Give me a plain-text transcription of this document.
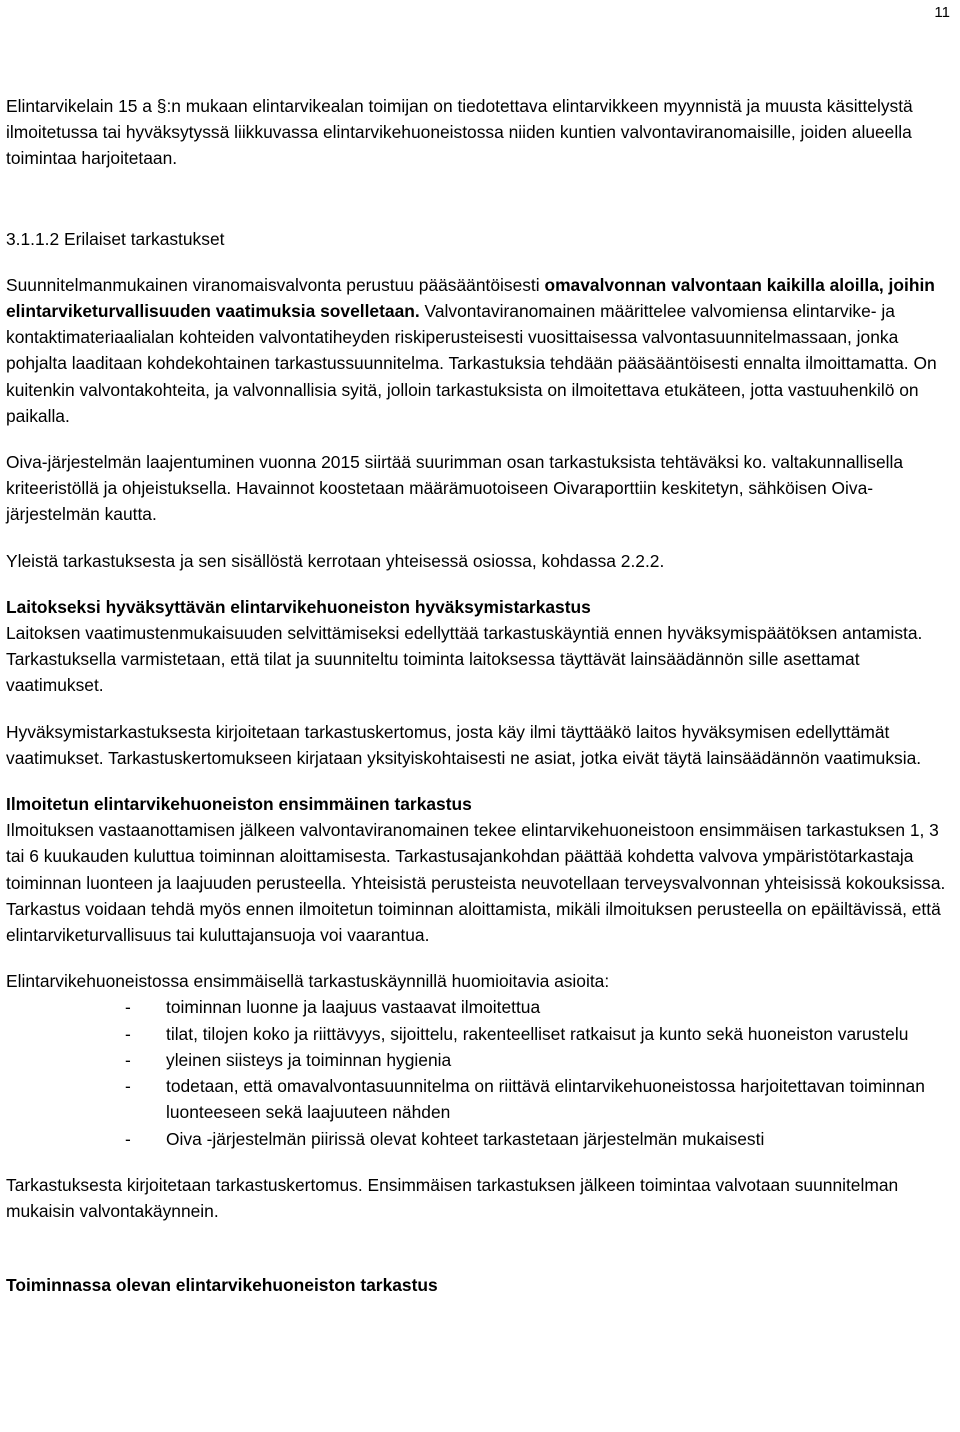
11

Elintarvikelain 15 a §:n mukaan elintarvikealan toimijan on tiedotettava elintarvikkeen myynnistä ja muusta käsittelystä ilmoitetussa tai hyväksytyssä liikkuvassa elintarvikehuoneistossa niiden kuntien valvontaviranomaisille, joiden alueella toimintaa harjoitetaan.

3.1.1.2 Erilaiset tarkastukset

Suunnitelmanmukainen viranomaisvalvonta perustuu pääsääntöisesti omavalvonnan valvontaan kaikilla aloilla, joihin elintarviketurvallisuuden vaatimuksia sovelletaan. Valvontaviranomainen määrittelee valvomiensa elintarvike- ja kontaktimateriaalialan kohteiden valvontatiheyden riskiperusteisesti vuosittaisessa valvontasuunnitelmassaan, jonka pohjalta laaditaan kohdekohtainen tarkastussuunnitelma. Tarkastuksia tehdään pääsääntöisesti ennalta ilmoittamatta. On kuitenkin valvontakohteita, ja valvonnallisia syitä, jolloin tarkastuksista on ilmoitettava etukäteen, jotta vastuuhenkilö on paikalla.

Oiva-järjestelmän laajentuminen vuonna 2015 siirtää suurimman osan tarkastuksista tehtäväksi ko. valtakunnallisella kriteeristöllä ja ohjeistuksella. Havainnot koostetaan määrämuotoiseen Oivaraporttiin keskitetyn, sähköisen Oiva-järjestelmän kautta.

Yleistä tarkastuksesta ja sen sisällöstä kerrotaan yhteisessä osiossa, kohdassa 2.2.2.

Laitokseksi hyväksyttävän elintarvikehuoneiston hyväksymistarkastus
Laitoksen vaatimustenmukaisuuden selvittämiseksi edellyttää tarkastuskäyntiä ennen hyväksymispäätöksen antamista. Tarkastuksella varmistetaan, että tilat ja suunniteltu toiminta laitoksessa täyttävät lainsäädännön sille asettamat vaatimukset.

Hyväksymistarkastuksesta kirjoitetaan tarkastuskertomus, josta käy ilmi täyttääkö laitos hyväksymisen edellyttämät vaatimukset. Tarkastuskertomukseen kirjataan yksityiskohtaisesti ne asiat, jotka eivät täytä lainsäädännön vaatimuksia.

Ilmoitetun elintarvikehuoneiston ensimmäinen tarkastus
Ilmoituksen vastaanottamisen jälkeen valvontaviranomainen tekee elintarvikehuoneistoon ensimmäisen tarkastuksen 1, 3 tai 6 kuukauden kuluttua toiminnan aloittamisesta. Tarkastusajankohdan päättää kohdetta valvova ympäristötarkastaja toiminnan luonteen ja laajuuden perusteella. Yhteisistä perusteista neuvotellaan terveysvalvonnan yhteisissä kokouksissa. Tarkastus voidaan tehdä myös ennen ilmoitetun toiminnan aloittamista, mikäli ilmoituksen perusteella on epäiltävissä, että elintarviketurvallisuus tai kuluttajansuoja voi vaarantua.
Elintarvikehuoneistossa ensimmäisellä tarkastuskäynnillä huomioitavia asioita:
- toiminnan luonne ja laajuus vastaavat ilmoitettua
- tilat, tilojen koko ja riittävyys, sijoittelu, rakenteelliset ratkaisut ja kunto sekä huoneiston varustelu
- yleinen siisteys ja toiminnan hygienia
- todetaan, että omavalvontasuunnitelma on riittävä elintarvikehuoneistossa harjoitettavan toiminnan luonteeseen sekä laajuuteen nähden
- Oiva -järjestelmän piirissä olevat kohteet tarkastetaan järjestelmän mukaisesti

Tarkastuksesta kirjoitetaan tarkastuskertomus. Ensimmäisen tarkastuksen jälkeen toimintaa valvotaan suunnitelman mukaisin valvontakäynnein.

Toiminnassa olevan elintarvikehuoneiston tarkastus
